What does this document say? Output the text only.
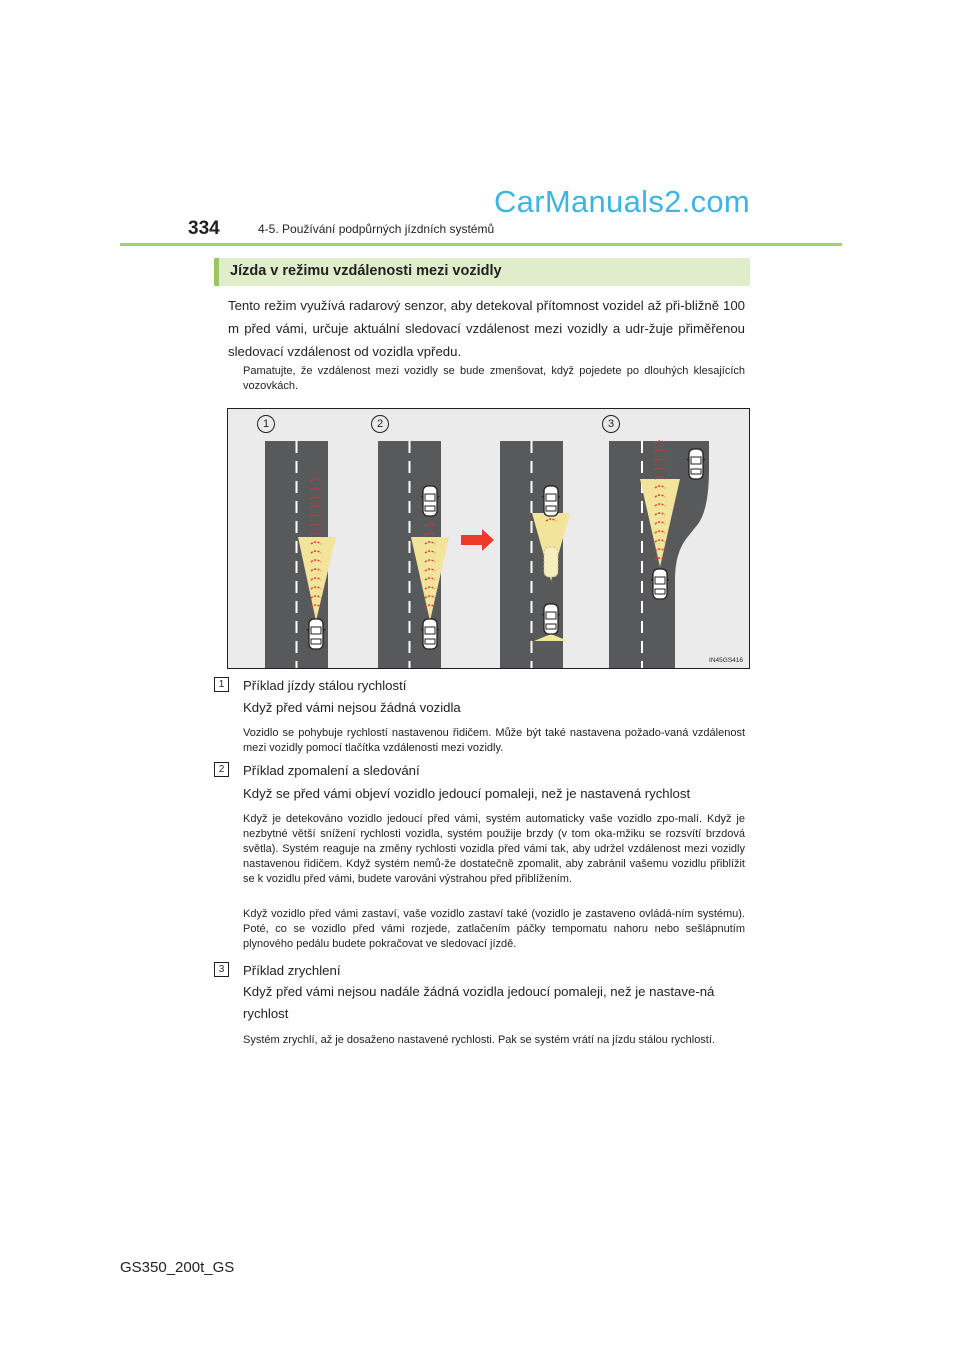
334	4-5. Používání podpůrných jízdních systémů
CarManuals2.com
Jízda v režimu vzdálenosti mezi vozidly
Tento režim využívá radarový senzor, aby detekoval přítomnost vozidel až při-bližně 100 m před vámi, určuje aktuální sledovací vzdálenost mezi vozidly a udr-žuje přiměřenou sledovací vzdálenost od vozidla vpředu.
Pamatujte, že vzdálenost mezi vozidly se bude zmenšovat, když pojedete po dlouhých klesajících vozovkách.
1	2	3
IN45GS416
1	Příklad jízdy stálou rychlostí
Když před vámi nejsou žádná vozidla
Vozidlo se pohybuje rychlostí nastavenou řidičem. Může být také nastavena požado-vaná vzdálenost mezi vozidly pomocí tlačítka vzdálenosti mezi vozidly.
2	Příklad zpomalení a sledování
Když se před vámi objeví vozidlo jedoucí pomaleji, než je nastavená rychlost
Když je detekováno vozidlo jedoucí před vámi, systém automaticky vaše vozidlo zpo-malí. Když je nezbytné větší snížení rychlosti vozidla, systém použije brzdy (v tom oka-mžiku se rozsvítí brzdová světla). Systém reaguje na změny rychlosti vozidla před vámi tak, aby udržel vzdálenost mezi vozidly nastavenou řidičem. Když systém nemů-že dostatečně zpomalit, aby zabránil vašemu vozidlu přiblížit se k vozidlu před vámi, budete varováni výstrahou před přiblížením.
Když vozidlo před vámi zastaví, vaše vozidlo zastaví také (vozidlo je zastaveno ovládá-ním systému). Poté, co se vozidlo před vámi rozjede, zatlačením páčky tempomatu nahoru nebo sešlápnutím plynového pedálu budete pokračovat ve sledovací jízdě.
3	Příklad zrychlení
Když před vámi nejsou nadále žádná vozidla jedoucí pomaleji, než je nastave-ná rychlost
Systém zrychlí, až je dosaženo nastavené rychlosti. Pak se systém vrátí na jízdu stálou rychlostí.
GS350_200t_GS
